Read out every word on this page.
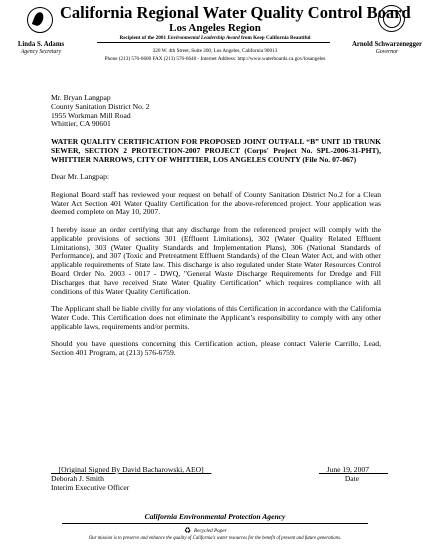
California Regional Water Quality Control Board
Los Angeles Region
Recipient of the 2001 Environmental Leadership Award from Keep California Beautiful
320 W. 4th Street, Suite 200, Los Angeles, California 90013
Phone (213) 576-6600 FAX (213) 576-6640 - Internet Address: http://www.waterboards.ca.gov/losangeles
Linda S. Adams
Agency Secretary
Arnold Schwarzenegger
Governor

Mr. Bryan Langpap
County Sanitation District No. 2
1955 Workman Mill Road
Whittier, CA 90601

WATER QUALITY CERTIFICATION FOR PROPOSED JOINT OUTFALL “B” UNIT 1D TRUNK SEWER, SECTION 2 PROTECTION-2007 PROJECT (Corps' Project No. SPL-2006-31-PHT), WHITTIER NARROWS, CITY OF WHITTIER, LOS ANGELES COUNTY (File No. 07-067)

Dear Mr. Langpap:

Regional Board staff has reviewed your request on behalf of County Sanitation District No.2 for a Clean Water Act Section 401 Water Quality Certification for the above-referenced project. Your application was deemed complete on May 10, 2007.

I hereby issue an order certifying that any discharge from the referenced project will comply with the applicable provisions of sections 301 (Effluent Limitations), 302 (Water Quality Related Effluent Limitations), 303 (Water Quality Standards and Implementation Plans), 306 (National Standards of Performance), and 307 (Toxic and Pretreatment Effluent Standards) of the Clean Water Act, and with other applicable requirements of State law. This discharge is also regulated under State Water Resources Control Board Order No. 2003 - 0017 - DWQ, "General Waste Discharge Requirements for Dredge and Fill Discharges that have received State Water Quality Certification" which requires compliance with all conditions of this Water Quality Certification.

The Applicant shall be liable civilly for any violations of this Certification in accordance with the California Water Code. This Certification does not eliminate the Applicant’s responsibility to comply with any other applicable laws, requirements and/or permits.

Should you have questions concerning this Certification action, please contact Valerie Carrillo, Lead, Section 401 Program, at (213) 576-6759.

[Original Signed By David Bacharowski, AEO]
Deborah J. Smith
Interim Executive Officer
June 19, 2007
Date
California Environmental Protection Agency
♻ Recycled Paper
Our mission is to preserve and enhance the quality of California’s water resources for the benefit of present and future generations.
